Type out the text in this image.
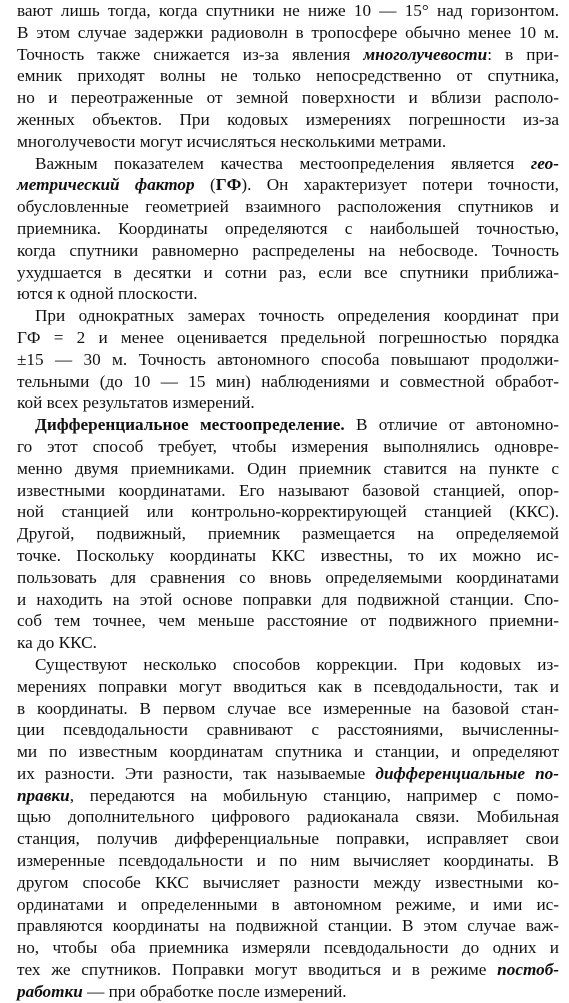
вают лишь тогда, когда спутники не ниже 10 — 15° над горизонтом.
В этом случае задержки радиоволн в тропосфере обычно менее 10 м.
Точность также снижается из-за явления многолучевости: в при-
емник приходят волны не только непосредственно от спутника,
но и переотраженные от земной поверхности и вблизи располо-
женных объектов. При кодовых измерениях погрешности из-за
многолучевости могут исчисляться несколькими метрами.
Важным показателем качества местоопределения является гео-
метрический фактор (ГФ). Он характеризует потери точности,
обусловленные геометрией взаимного расположения спутников и
приемника. Координаты определяются с наибольшей точностью,
когда спутники равномерно распределены на небосводе. Точность
ухудшается в десятки и сотни раз, если все спутники приближа-
ются к одной плоскости.
При однократных замерах точность определения координат при
ГФ = 2 и менее оценивается предельной погрешностью порядка
±15 — 30 м. Точность автономного способа повышают продолжи-
тельными (до 10 — 15 мин) наблюдениями и совместной обработ-
кой всех результатов измерений.
Дифференциальное местоопределение. В отличие от автономно-
го этот способ требует, чтобы измерения выполнялись одновре-
менно двумя приемниками. Один приемник ставится на пункте с
известными координатами. Его называют базовой станцией, опор-
ной станцией или контрольно-корректирующей станцией (ККС).
Другой, подвижный, приемник размещается на определяемой
точке. Поскольку координаты ККС известны, то их можно ис-
пользовать для сравнения со вновь определяемыми координатами
и находить на этой основе поправки для подвижной станции. Спо-
соб тем точнее, чем меньше расстояние от подвижного приемни-
ка до ККС.
Существуют несколько способов коррекции. При кодовых из-
мерениях поправки могут вводиться как в псевдодальности, так и
в координаты. В первом случае все измеренные на базовой стан-
ции псевдодальности сравнивают с расстояниями, вычисленны-
ми по известным координатам спутника и станции, и определяют
их разности. Эти разности, так называемые дифференциальные по-
правки, передаются на мобильную станцию, например с помо-
щью дополнительного цифрового радиоканала связи. Мобильная
станция, получив дифференциальные поправки, исправляет свои
измеренные псевдодальности и по ним вычисляет координаты. В
другом способе ККС вычисляет разности между известными ко-
ординатами и определенными в автономном режиме, и ими ис-
правляются координаты на подвижной станции. В этом случае важ-
но, чтобы оба приемника измеряли псевдодальности до одних и
тех же спутников. Поправки могут вводиться и в режиме постоб-
работки — при обработке после измерений.
